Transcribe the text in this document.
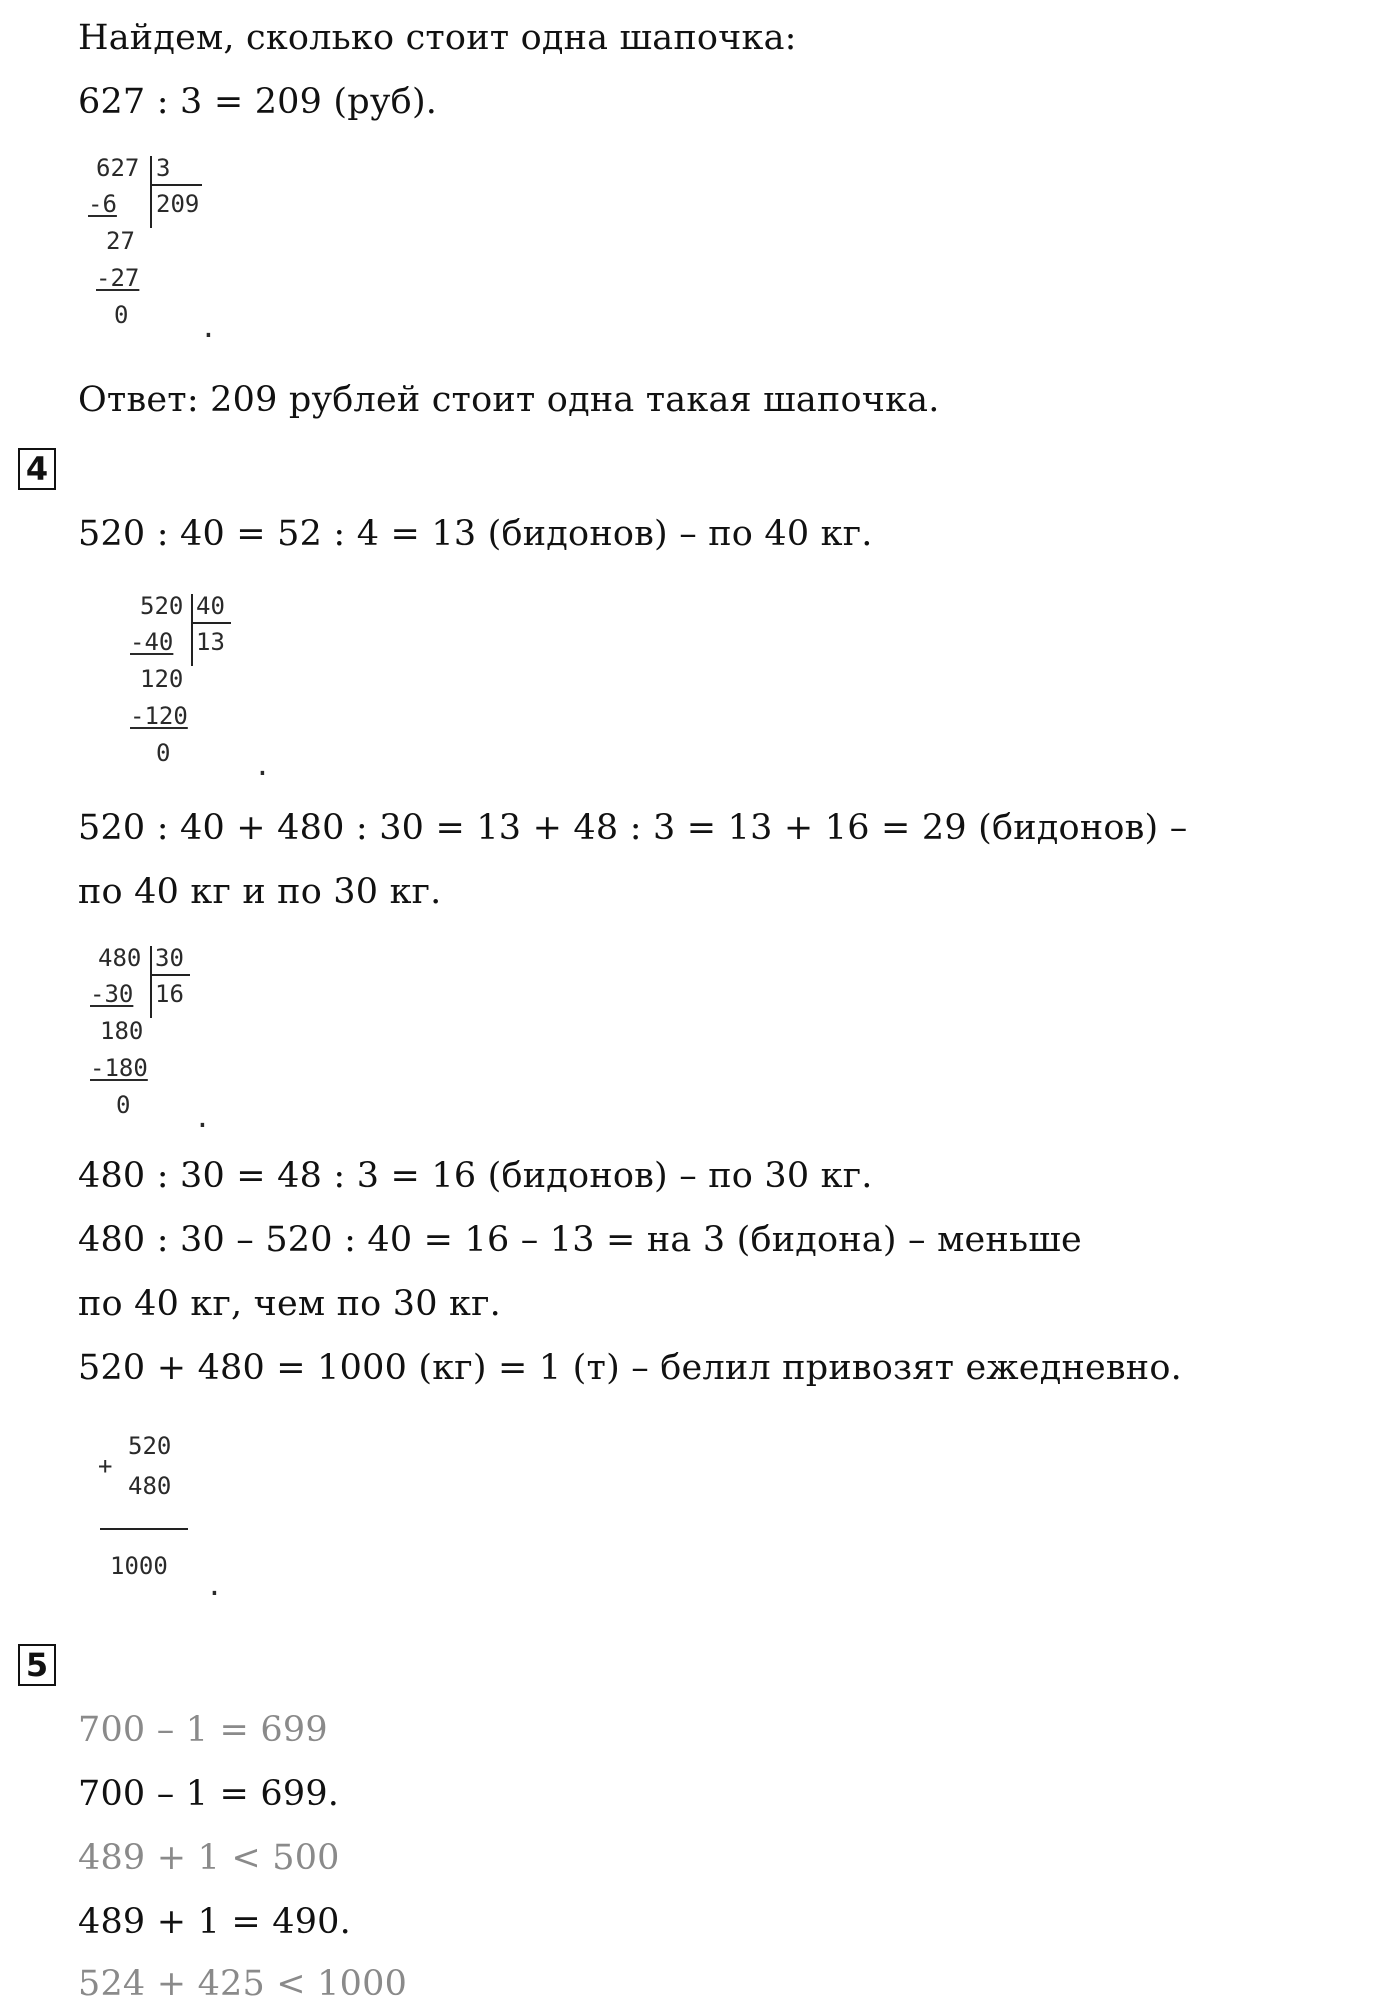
Найдем, сколько стоит одна шапочка:
627 : 3 = 209 (руб).
627 3
209
-6
27
-27
0	.
Ответ: 209 рублей стоит одна такая шапочка.
4
520 : 40 = 52 : 4 = 13 (бидонов) – по 40 кг.
520 40
13
-40
120
-120
0	.
520 : 40 + 480 : 30 = 13 + 48 : 3 = 13 + 16 = 29 (бидонов) –
по 40 кг и по 30 кг.
480 30
16
-30
180
-180
0 .
480 : 30 = 48 : 3 = 16 (бидонов) – по 30 кг.
480 : 30 – 520 : 40 = 16 – 13 = на 3 (бидона) – меньше
по 40 кг, чем по 30 кг.
520 + 480 = 1000 (кг) = 1 (т) – белил привозят ежедневно.
+
520
480
1000
.
5
700 – 1 = 699
700 – 1 = 699.
489 + 1 < 500
489 + 1 = 490.
524 + 425 < 1000
